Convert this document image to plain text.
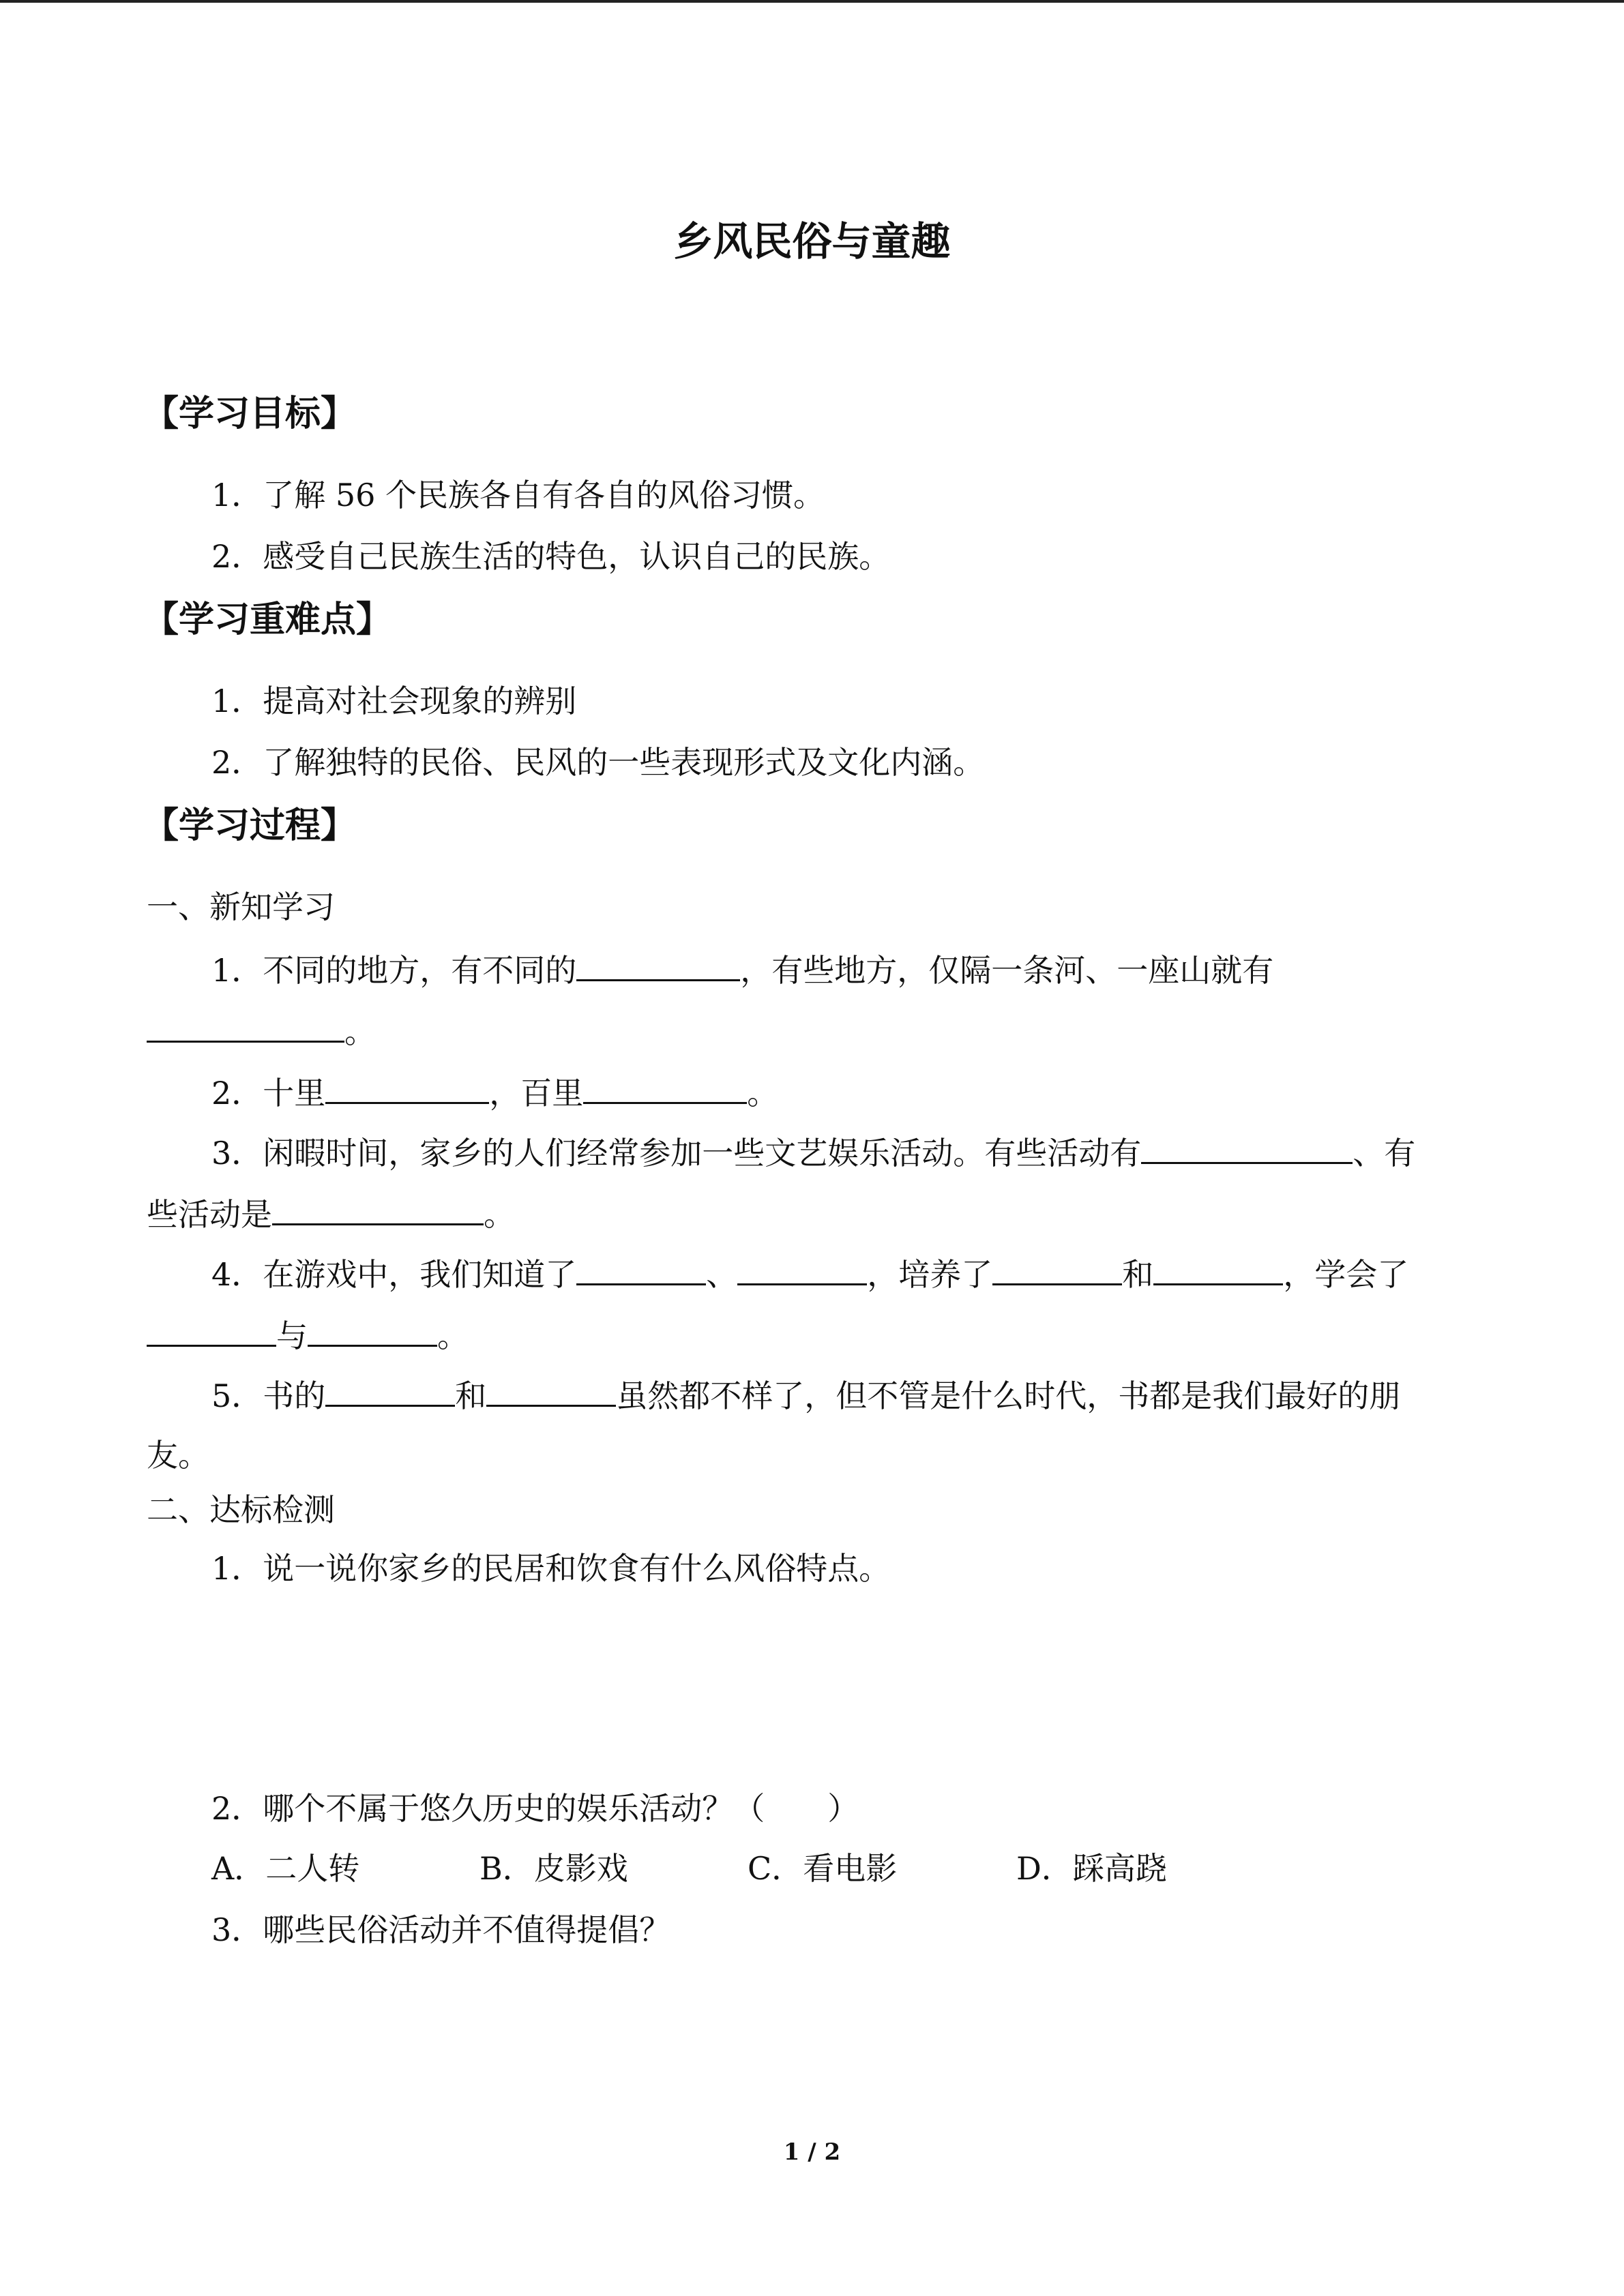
乡风民俗与童趣
【学习目标】
1．了解 56 个民族各自有各自的风俗习惯。
2．感受自己民族生活的特色，认识自己的民族。
【学习重难点】
1．提高对社会现象的辨别
2．了解独特的民俗、民风的一些表现形式及文化内涵。
【学习过程】
一、新知学习
1．不同的地方，有不同的	，有些地方，仅隔一条河、一座山就有
。
2．十里	，百里	。
3．闲暇时间，家乡的人们经常参加一些文艺娱乐活动。有些活动有	、有
些活动是	。
4．在游戏中，我们知道了	、	，培养了	和	，学会了
与	。
5．书的	和	虽然都不样了，但不管是什么时代，书都是我们最好的朋
友。
二、达标检测
1．说一说你家乡的民居和饮食有什么风俗特点。
2．哪个不属于悠久历史的娱乐活动？（　　）
A．二人转	B．皮影戏	C．看电影	D．踩高跷
3．哪些民俗活动并不值得提倡？
1 / 2
